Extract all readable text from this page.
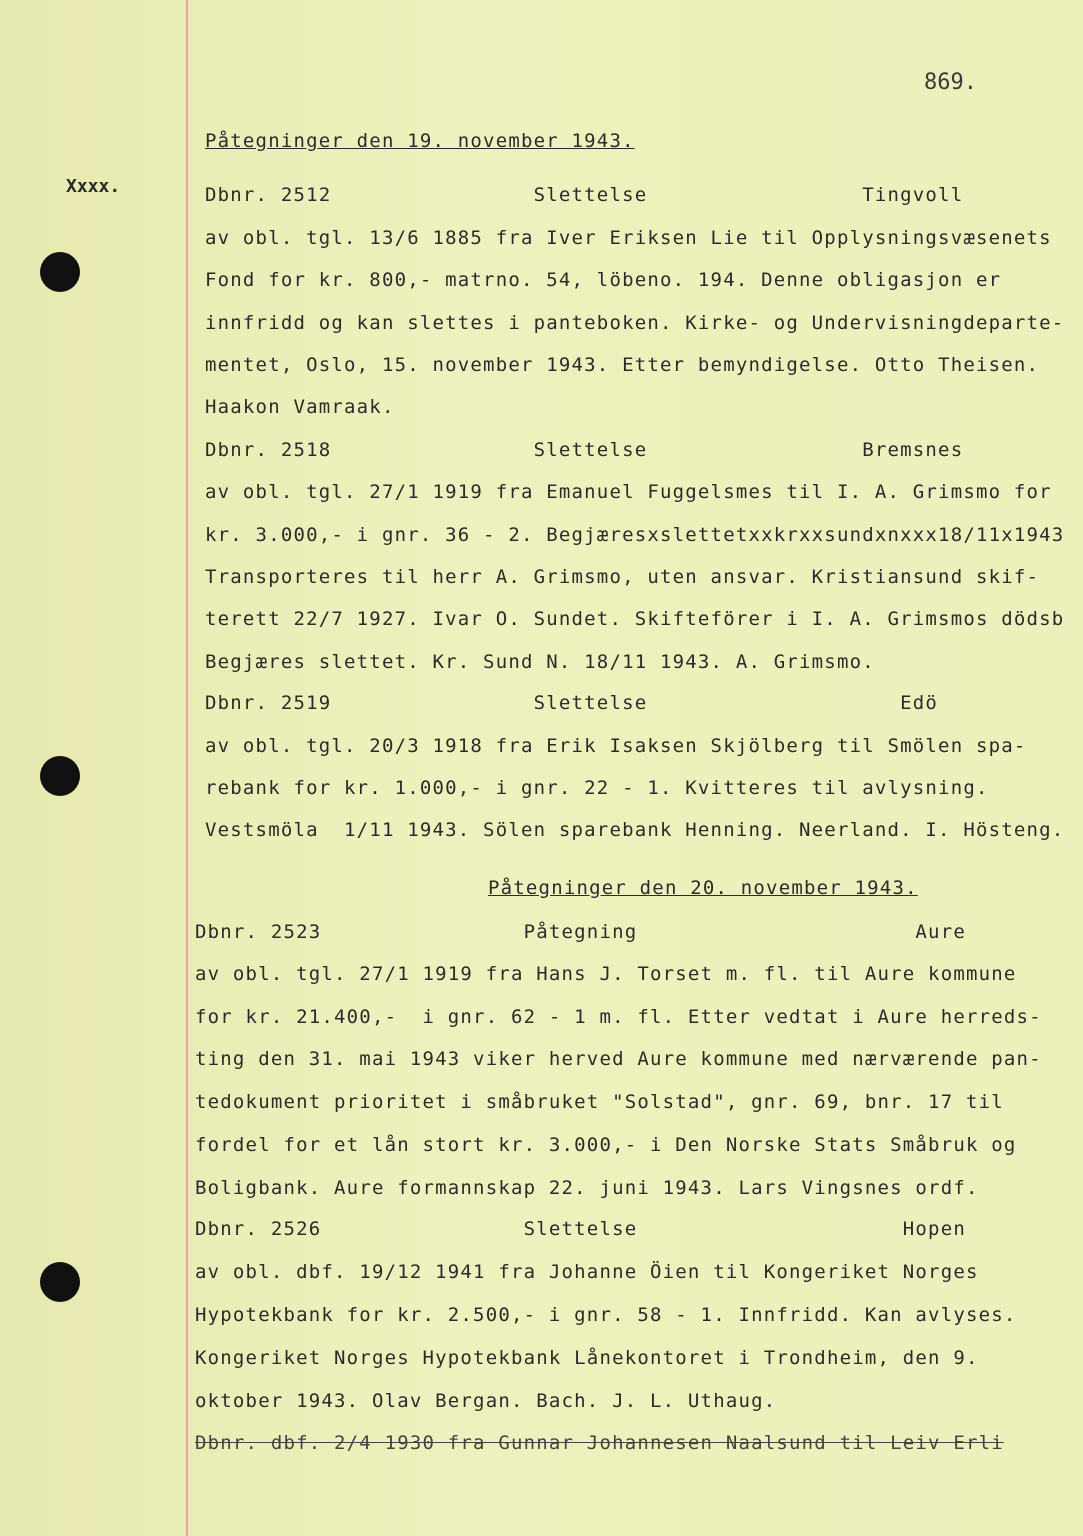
869.
Xxxx.
Påtegninger den 19. november 1943.
Dbnr. 2512                Slettelse                 Tingvoll
av obl. tgl. 13/6 1885 fra Iver Eriksen Lie til Opplysningsvæsenets
Fond for kr. 800,- matrno. 54, löbeno. 194. Denne obligasjon er
innfridd og kan slettes i panteboken. Kirke- og Undervisningdeparte-
mentet, Oslo, 15. november 1943. Etter bemyndigelse. Otto Theisen.
Haakon Vamraak.
Dbnr. 2518                Slettelse                 Bremsnes
av obl. tgl. 27/1 1919 fra Emanuel Fuggelsmes til I. A. Grimsmo for
kr. 3.000,- i gnr. 36 - 2. Begjæresxslettetxxkrxxsundxnxxx18/11x1943
Transporteres til herr A. Grimsmo, uten ansvar. Kristiansund skif-
terett 22/7 1927. Ivar O. Sundet. Skifteförer i I. A. Grimsmos dödsb
Begjæres slettet. Kr. Sund N. 18/11 1943. A. Grimsmo.
Dbnr. 2519                Slettelse                    Edö
av obl. tgl. 20/3 1918 fra Erik Isaksen Skjölberg til Smölen spa-
rebank for kr. 1.000,- i gnr. 22 - 1. Kvitteres til avlysning.
Vestsmöla  1/11 1943. Sölen sparebank Henning. Neerland. I. Hösteng.
Påtegninger den 20. november 1943.
Dbnr. 2523                Påtegning                      Aure
av obl. tgl. 27/1 1919 fra Hans J. Torset m. fl. til Aure kommune
for kr. 21.400,-  i gnr. 62 - 1 m. fl. Etter vedtat i Aure herreds-
ting den 31. mai 1943 viker herved Aure kommune med nærværende pan-
tedokument prioritet i småbruket "Solstad", gnr. 69, bnr. 17 til
fordel for et lån stort kr. 3.000,- i Den Norske Stats Småbruk og
Boligbank. Aure formannskap 22. juni 1943. Lars Vingsnes ordf.
Dbnr. 2526                Slettelse                     Hopen
av obl. dbf. 19/12 1941 fra Johanne Öien til Kongeriket Norges
Hypotekbank for kr. 2.500,- i gnr. 58 - 1. Innfridd. Kan avlyses.
Kongeriket Norges Hypotekbank Lånekontoret i Trondheim, den 9.
oktober 1943. Olav Bergan. Bach. J. L. Uthaug.
Dbnr. dbf. 2/4 1930 fra Gunnar Johannesen Naalsund til Leiv Erli
